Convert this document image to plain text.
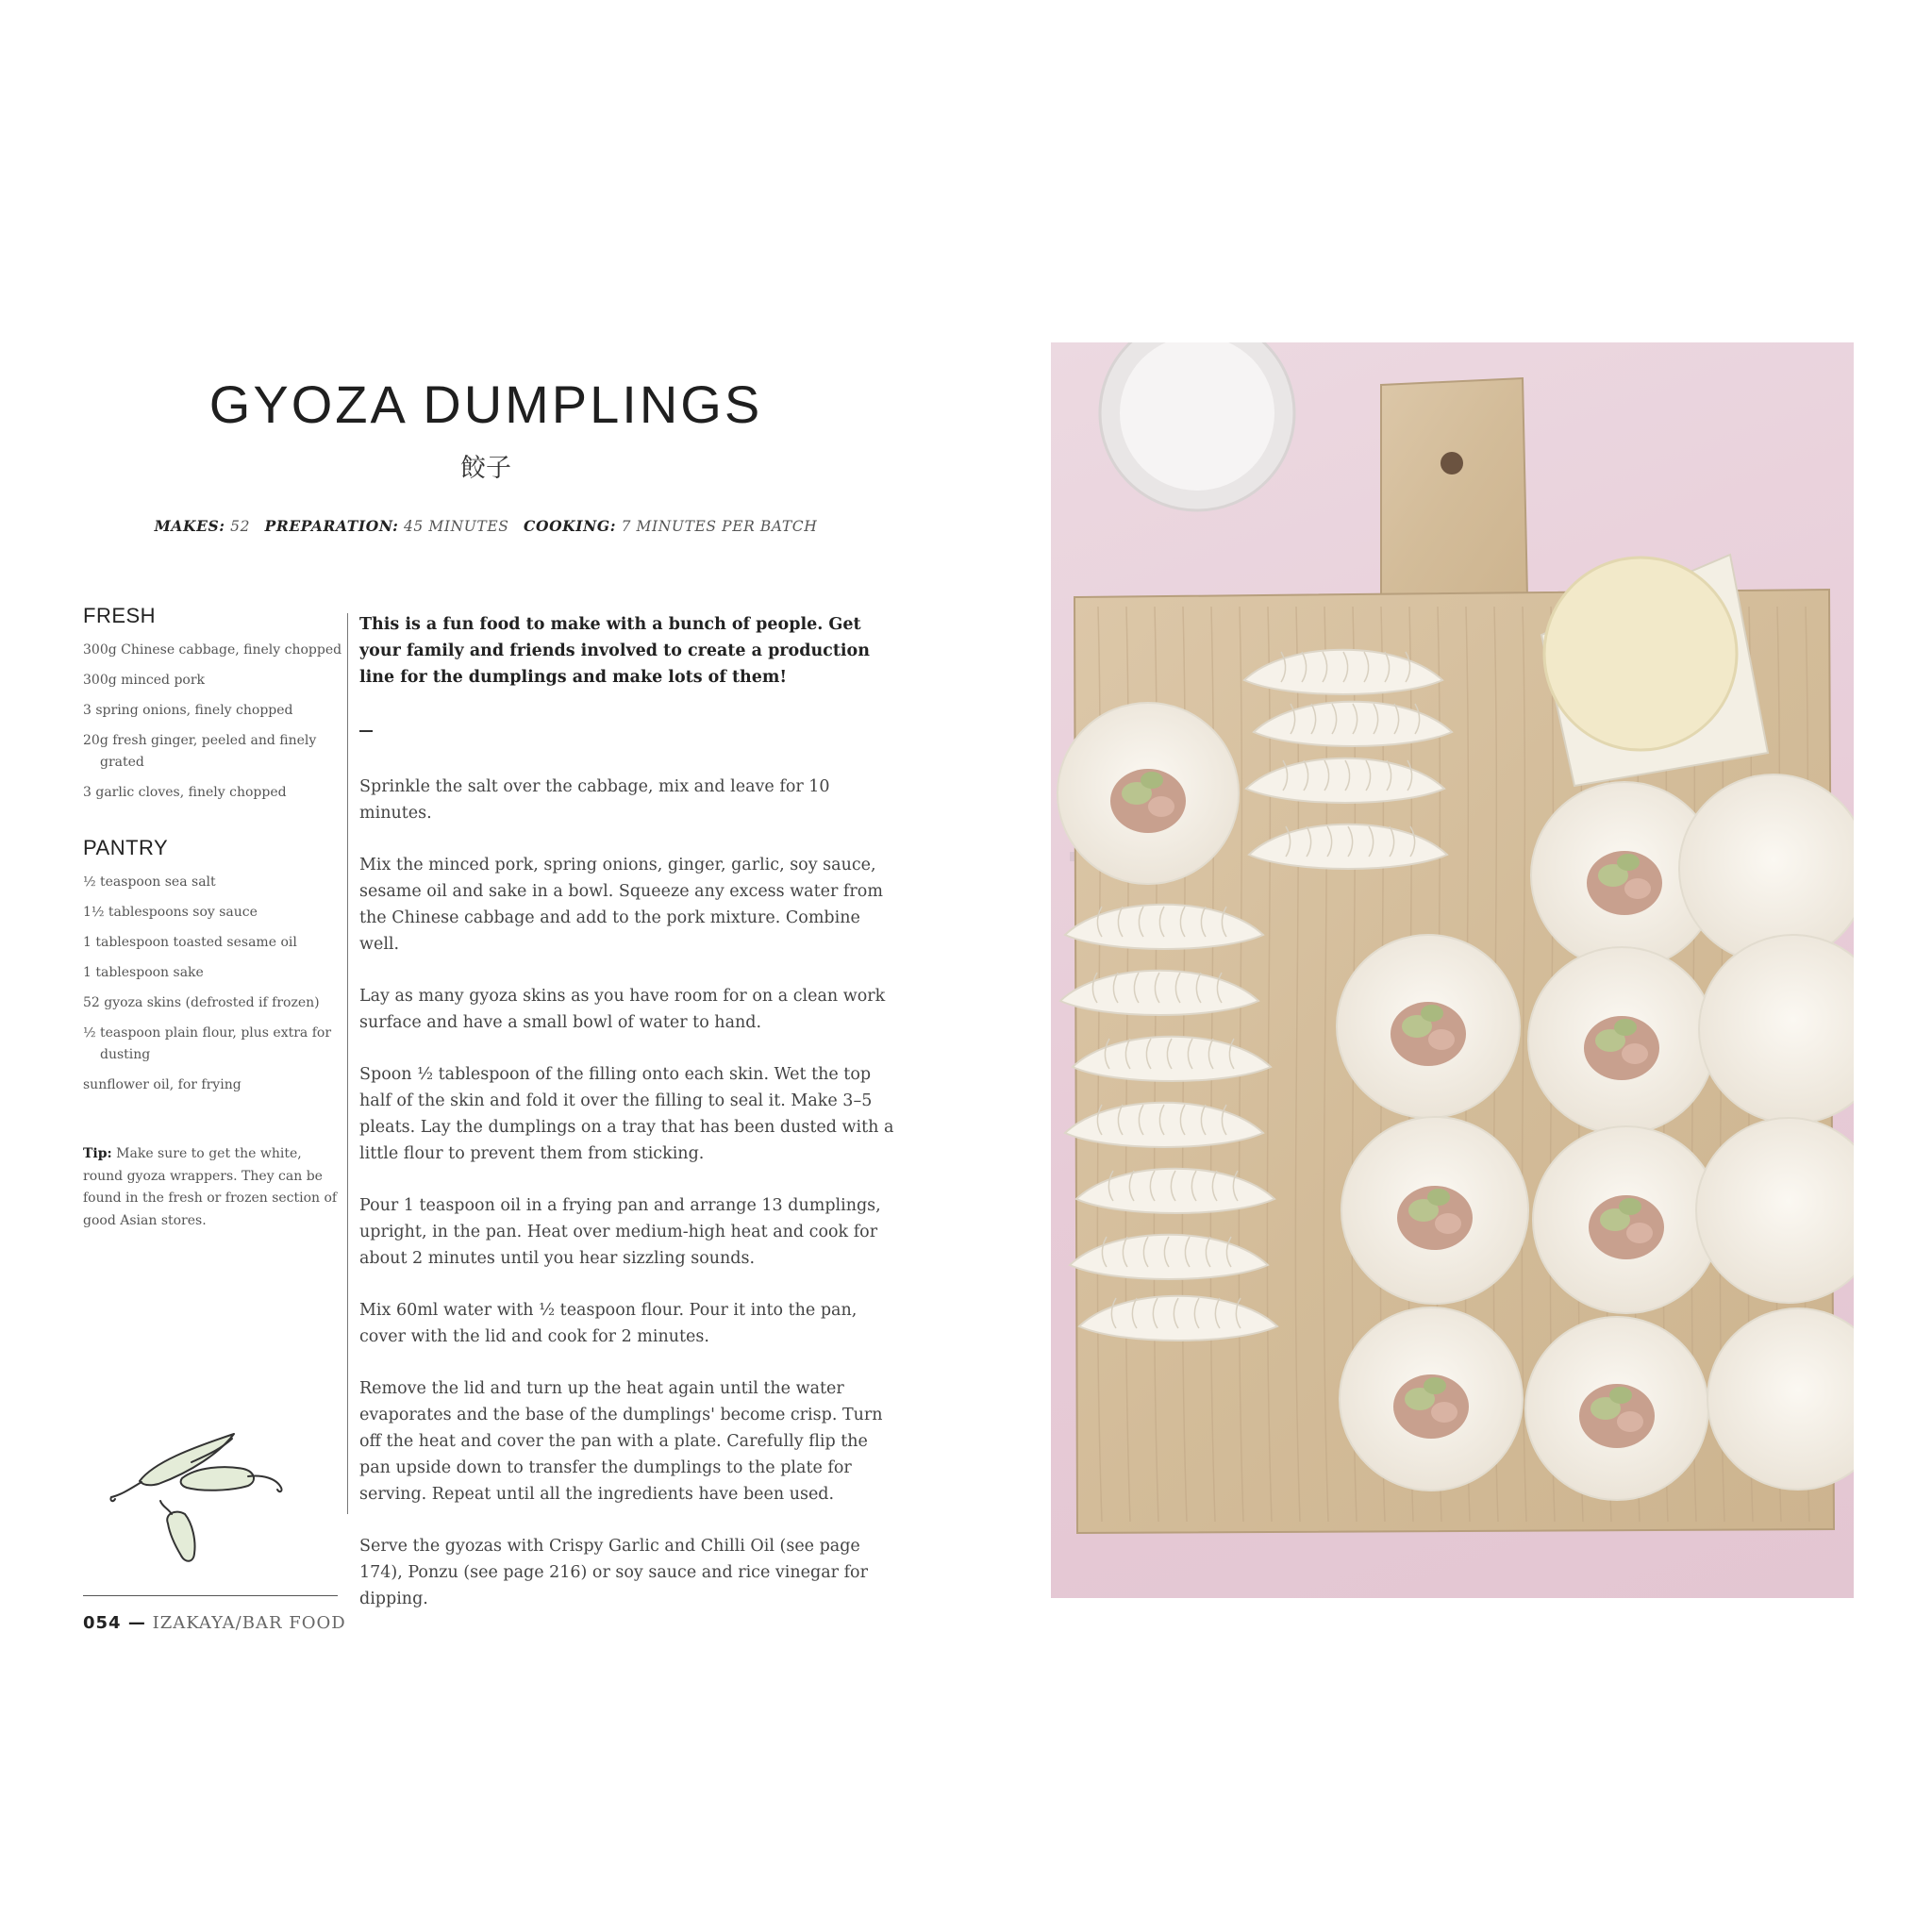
GYOZA DUMPLINGS
餃子
MAKES: 52 PREPARATION: 45 MINUTES COOKING: 7 MINUTES PER BATCH
FRESH
300g Chinese cabbage, finely chopped
300g minced pork
3 spring onions, finely chopped
20g fresh ginger, peeled and finely grated
3 garlic cloves, finely chopped
PANTRY
½ teaspoon sea salt
1½ tablespoons soy sauce
1 tablespoon toasted sesame oil
1 tablespoon sake
52 gyoza skins (defrosted if frozen)
½ teaspoon plain flour, plus extra for dusting
sunflower oil, for frying
Tip: Make sure to get the white, round gyoza wrappers. They can be found in the fresh or frozen section of good Asian stores.

This is a fun food to make with a bunch of people. Get your family and friends involved to create a production line for the dumplings and make lots of them!

Sprinkle the salt over the cabbage, mix and leave for 10 minutes.

Mix the minced pork, spring onions, ginger, garlic, soy sauce, sesame oil and sake in a bowl. Squeeze any excess water from the Chinese cabbage and add to the pork mixture. Combine well.

Lay as many gyoza skins as you have room for on a clean work surface and have a small bowl of water to hand.

Spoon ½ tablespoon of the filling onto each skin. Wet the top half of the skin and fold it over the filling to seal it. Make 3–5 pleats. Lay the dumplings on a tray that has been dusted with a little flour to prevent them from sticking.

Pour 1 teaspoon oil in a frying pan and arrange 13 dumplings, upright, in the pan. Heat over medium-high heat and cook for about 2 minutes until you hear sizzling sounds.

Mix 60ml water with ½ teaspoon flour. Pour it into the pan, cover with the lid and cook for 2 minutes.

Remove the lid and turn up the heat again until the water evaporates and the base of the dumplings' become crisp. Turn off the heat and cover the pan with a plate. Carefully flip the pan upside down to transfer the dumplings to the plate for serving. Repeat until all the ingredients have been used.

Serve the gyozas with Crispy Garlic and Chilli Oil (see page 174), Ponzu (see page 216) or soy sauce and rice vinegar for dipping.

054 — IZAKAYA/BAR FOOD
